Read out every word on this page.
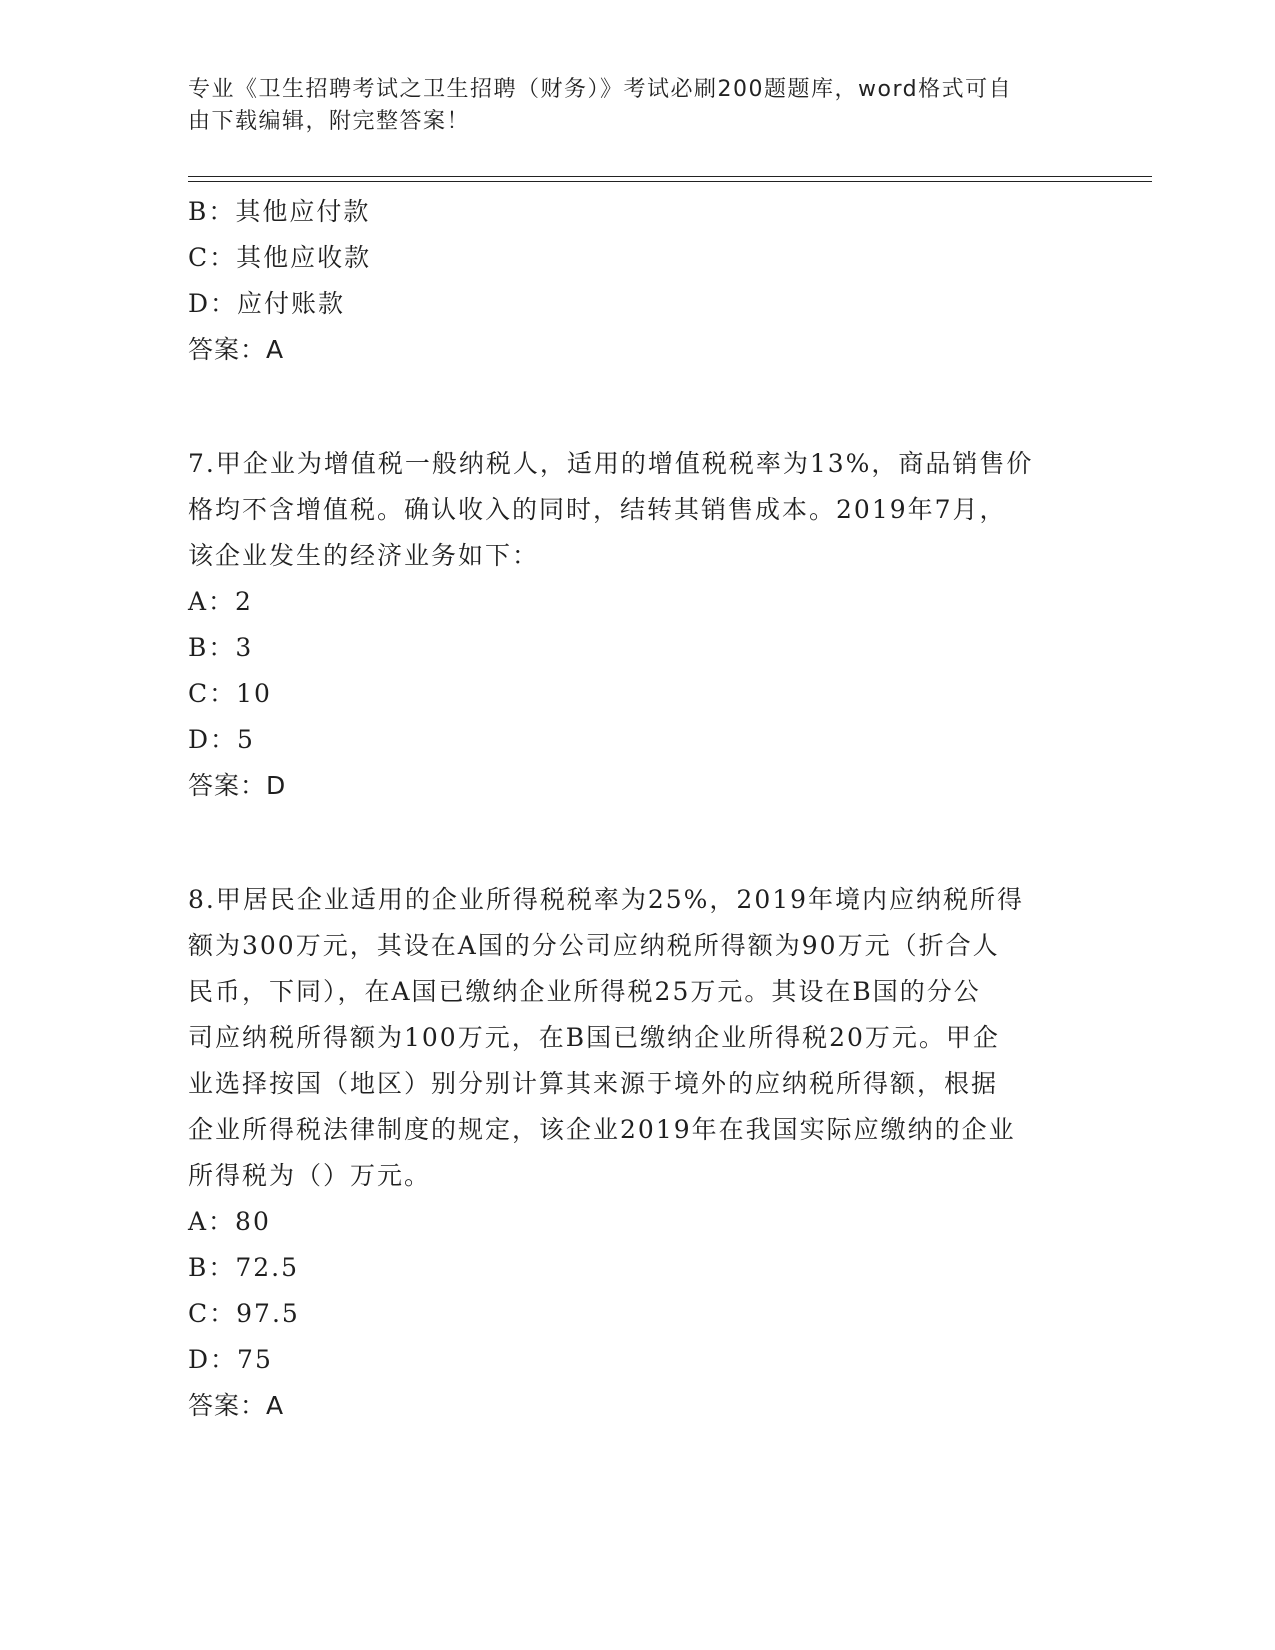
专业《卫生招聘考试之卫生招聘（财务）》考试必刷200题题库，word格式可自
由下载编辑，附完整答案！
B：其他应付款
C：其他应收款
D：应付账款
答案：A
7.甲企业为增值税一般纳税人，适用的增值税税率为13%，商品销售价
格均不含增值税。确认收入的同时，结转其销售成本。2019年7月，
该企业发生的经济业务如下：
A：2
B：3
C：10
D：5
答案：D
8.甲居民企业适用的企业所得税税率为25%，2019年境内应纳税所得
额为300万元，其设在A国的分公司应纳税所得额为90万元（折合人
民币，下同），在A国已缴纳企业所得税25万元。其设在B国的分公
司应纳税所得额为100万元，在B国已缴纳企业所得税20万元。甲企
业选择按国（地区）别分别计算其来源于境外的应纳税所得额，根据
企业所得税法律制度的规定，该企业2019年在我国实际应缴纳的企业
所得税为（）万元。
A：80
B：72.5
C：97.5
D：75
答案：A
